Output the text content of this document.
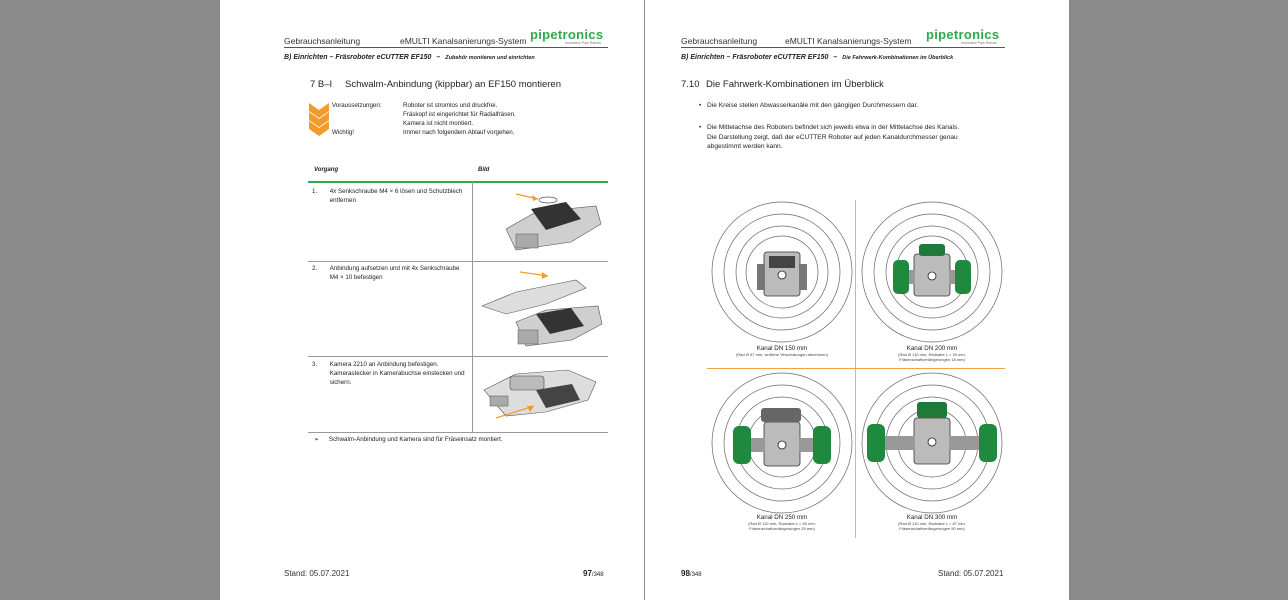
Gebrauchsanleitung	eMULTI Kanalsanierungs-System pipetronics
Innovative Pipe Robots
B) Einrichten – Fräsroboter eCUTTER EF150 – Zubehör montieren und einrichten
7 B–I Schwalm-Anbindung (kippbar) an EF150 montieren
Voraussetzungen:	Roboter ist stromlos und druckfrei.
Fräskopf ist eingerichtet für Radialfräsen.
Kamera ist nicht montiert.
Immer nach folgendem Ablauf vorgehen.
Wichtig!
Vorgang	Bild
1. 4x Senkschraube M4 × 6 lösen und Schutzblech
entfernen
2. Anbindung aufsetzen und mit 4x Senkschraube
M4 × 10 befestigen
3. Kamera 2210 an Anbindung befestigen.
Kamerastecker in Kamerabuchse einstecken und
sichern.
➢ Schwalm-Anbindung und Kamera sind für Fräseinsatz montiert.
Stand: 05.07.2021	97/348
Gebrauchsanleitung	eMULTI Kanalsanierungs-System pipetronics
Innovative Pipe Robots
B) Einrichten – Fräsroboter eCUTTER EF150 – Die Fahrwerk-Kombinationen im Überblick
7.10 Die Fahrwerk-Kombinationen im Überblick
• Die Kreise stellen Abwasserkanäle mit den gängigen Durchmessern dar.
• Die Mittelachse des Roboters befindet sich jeweils etwa in der Mittelachse des Kanals.
Die Darstellung zeigt, daß der eCUTTER Roboter auf jeden Kanaldurchmesser genau
abgestimmt werden kann.
Kanal DN 150 mm
(Rad Ø 87 mm, seitliche Verschalungen abnehmen)
Kanal DN 200 mm
(Rad Ø 110 mm, Radnabe L = 30 mm,
Fräsenschaftverlängerungen 18 mm)
Kanal DN 250 mm
(Rad Ø 110 mm, Radnabe L = 60 mm,
Fräsenschaftverlängerungen 25 mm)
Kanal DN 300 mm
(Rad Ø 110 mm, Radnabe L = 87 mm,
Fräsenschaftverlängerungen 50 mm)
98/348	Stand: 05.07.2021
